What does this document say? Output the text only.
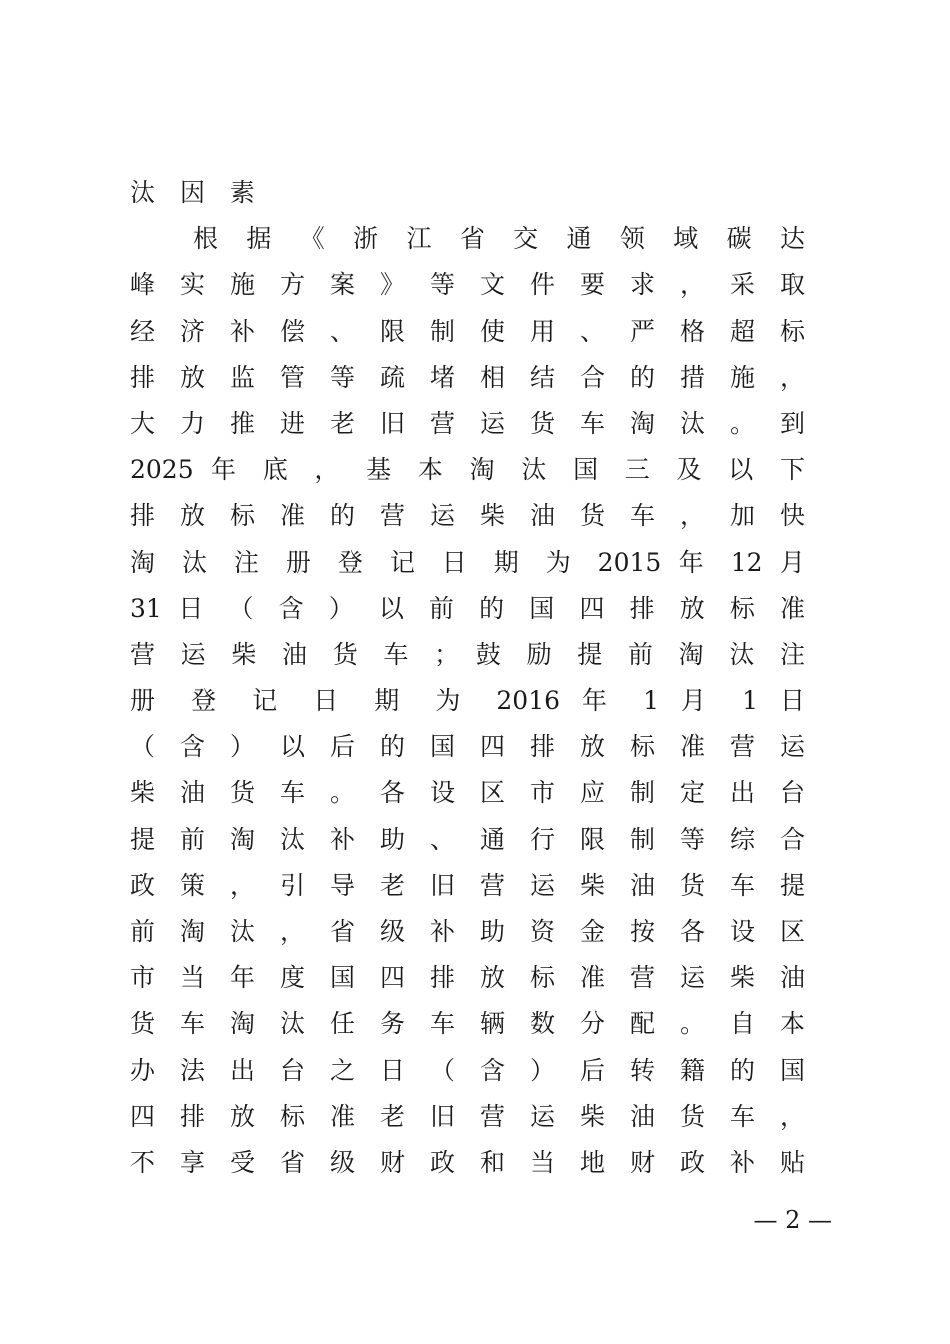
汰 因 素
根 据 《 浙 江 省 交 通 领 域 碳 达
峰 实 施 方 案 》 等 文 件 要 求 ， 采 取
经 济 补 偿 、 限 制 使 用 、 严 格 超 标
排 放 监 管 等 疏 堵 相 结 合 的 措 施 ，
大 力 推 进 老 旧 营 运 货 车 淘 汰 。 到
2025 年 底 ， 基 本 淘 汰 国 三 及 以 下
排 放 标 准 的 营 运 柴 油 货 车 ， 加 快
淘 汰 注 册 登 记 日 期 为 2015 年 12 月
31 日 （ 含 ） 以 前 的 国 四 排 放 标 准
营 运 柴 油 货 车 ； 鼓 励 提 前 淘 汰 注
册 登 记 日 期 为 2016 年 1 月 1 日
（ 含 ） 以 后 的 国 四 排 放 标 准 营 运
柴 油 货 车 。 各 设 区 市 应 制 定 出 台
提 前 淘 汰 补 助 、 通 行 限 制 等 综 合
政 策 ， 引 导 老 旧 营 运 柴 油 货 车 提
前 淘 汰 ， 省 级 补 助 资 金 按 各 设 区
市 当 年 度 国 四 排 放 标 准 营 运 柴 油
货 车 淘 汰 任 务 车 辆 数 分 配 。 自 本
办 法 出 台 之 日 （ 含 ） 后 转 籍 的 国
四 排 放 标 准 老 旧 营 运 柴 油 货 车 ，
不 享 受 省 级 财 政 和 当 地 财 政 补 贴
— 2 —
